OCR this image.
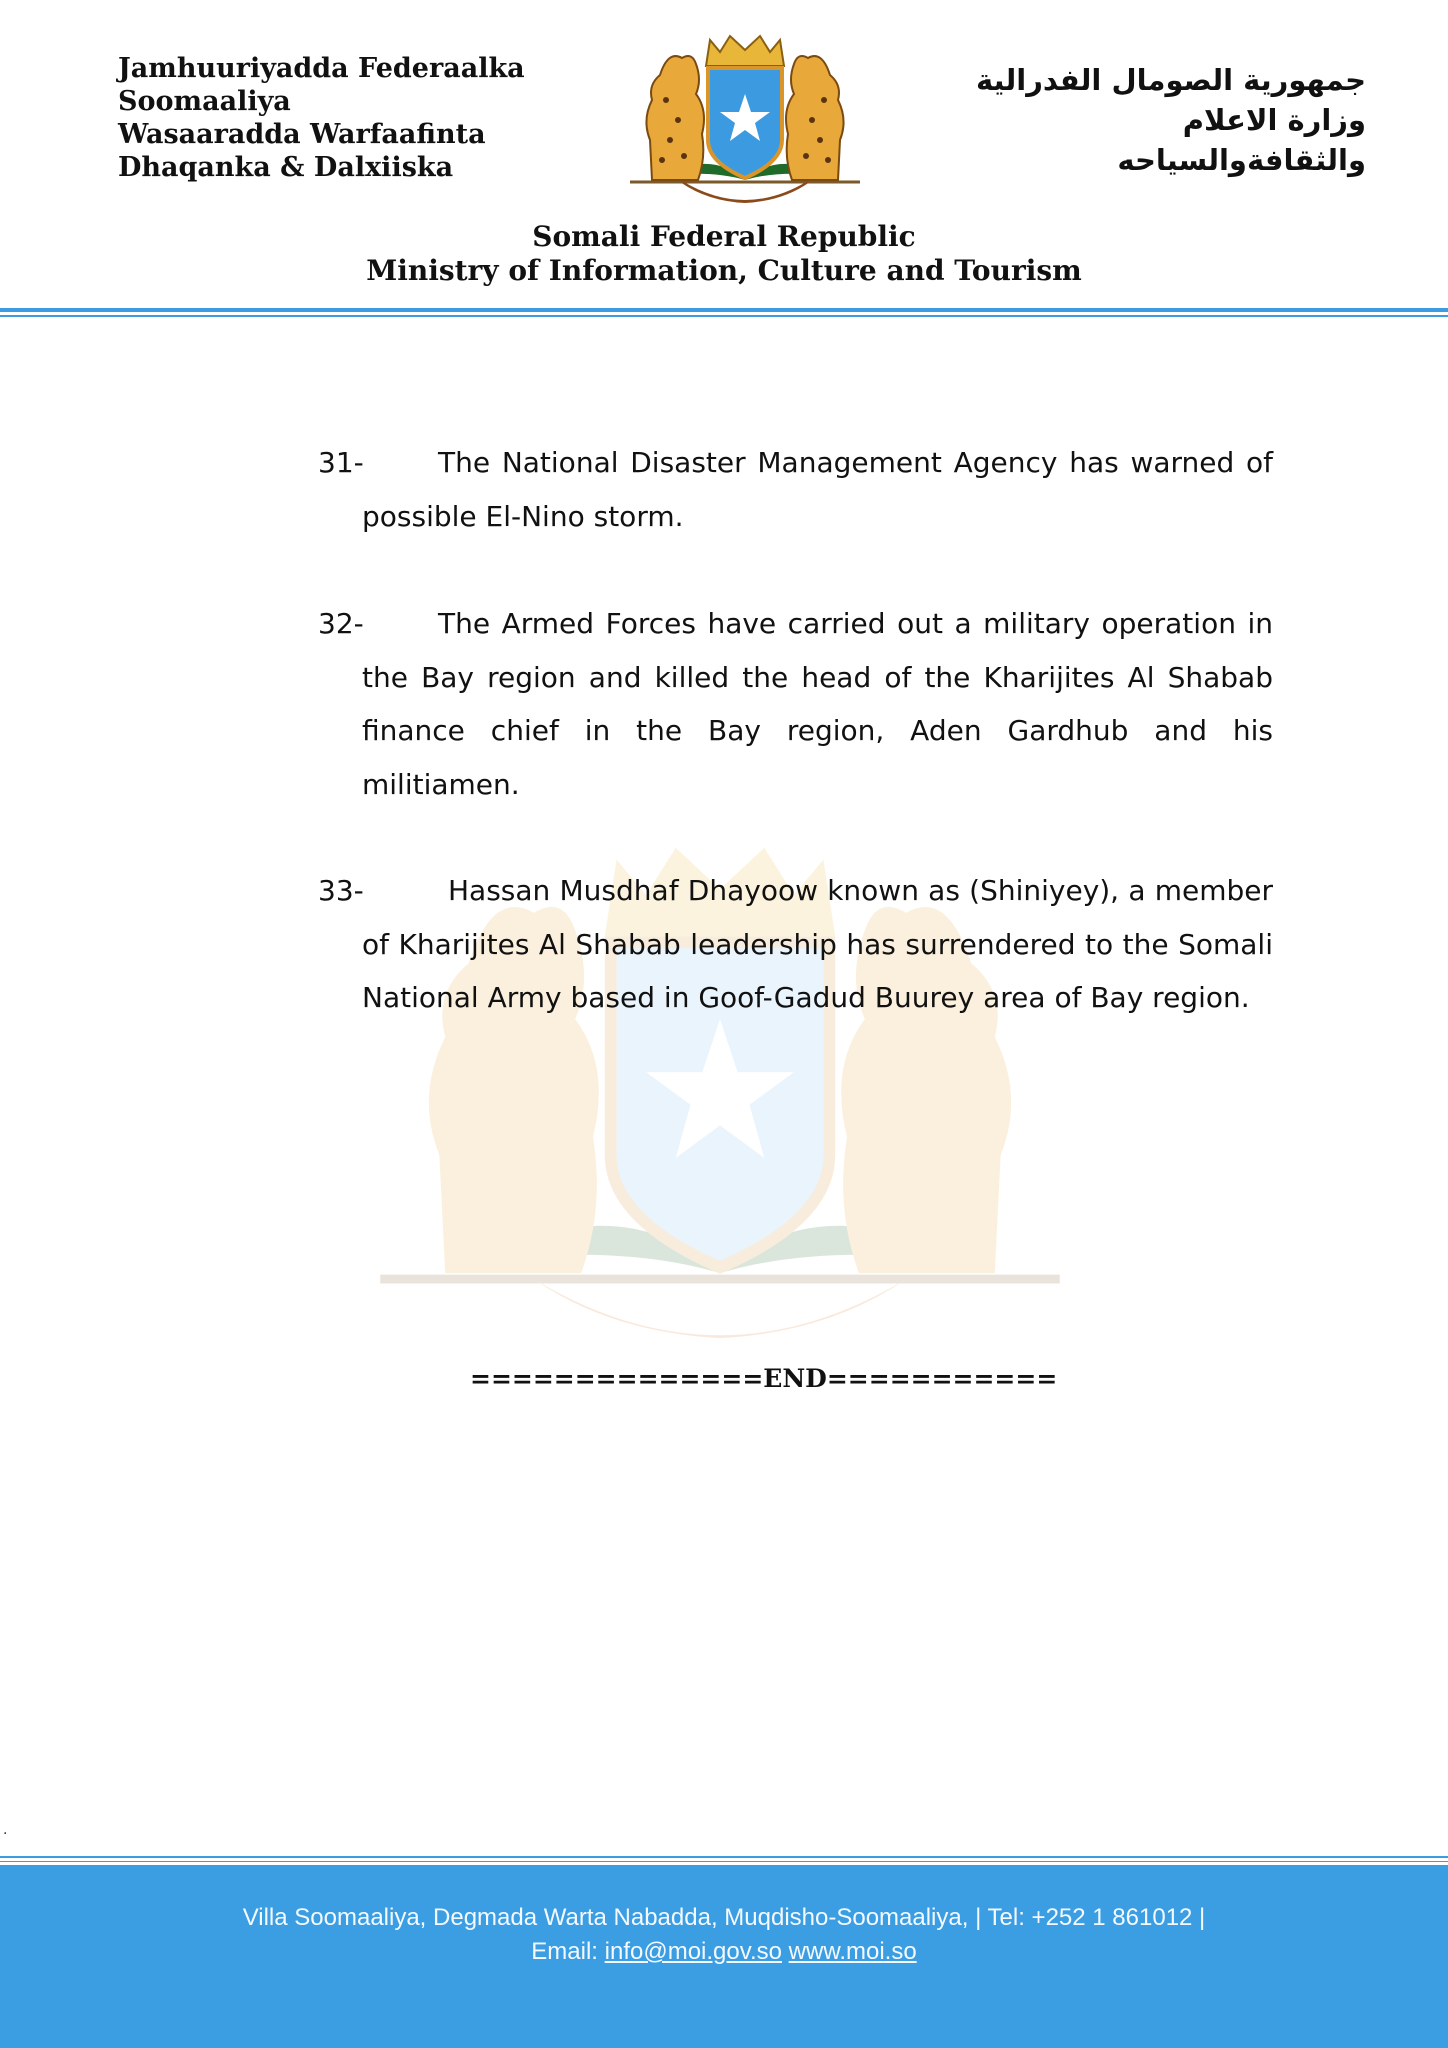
Jamhuuriyadda Federaalka
Soomaaliya
Wasaaradda Warfaafinta
Dhaqanka & Dalxiiska
جمهورية الصومال الفدرالية
وزارة الاعلام
والثقافةوالسياحه
Somali Federal Republic
Ministry of Information, Culture and Tourism
31-	The National Disaster Management Agency has warned of possible El-Nino storm.
32-	The Armed Forces have carried out a military operation in the Bay region and killed the head of the Kharijites Al Shabab finance chief in the Bay region, Aden Gardhub and his militiamen.
33-	Hassan Musdhaf Dhayoow known as (Shiniyey), a member of Kharijites Al Shabab leadership has surrendered to the Somali National Army based in Goof-Gadud Buurey area of Bay region.
==============END===========
.
Villa Soomaaliya, Degmada Warta Nabadda, Muqdisho-Soomaaliya, | Tel: +252 1 861012 |
Email: info@moi.gov.so www.moi.so
